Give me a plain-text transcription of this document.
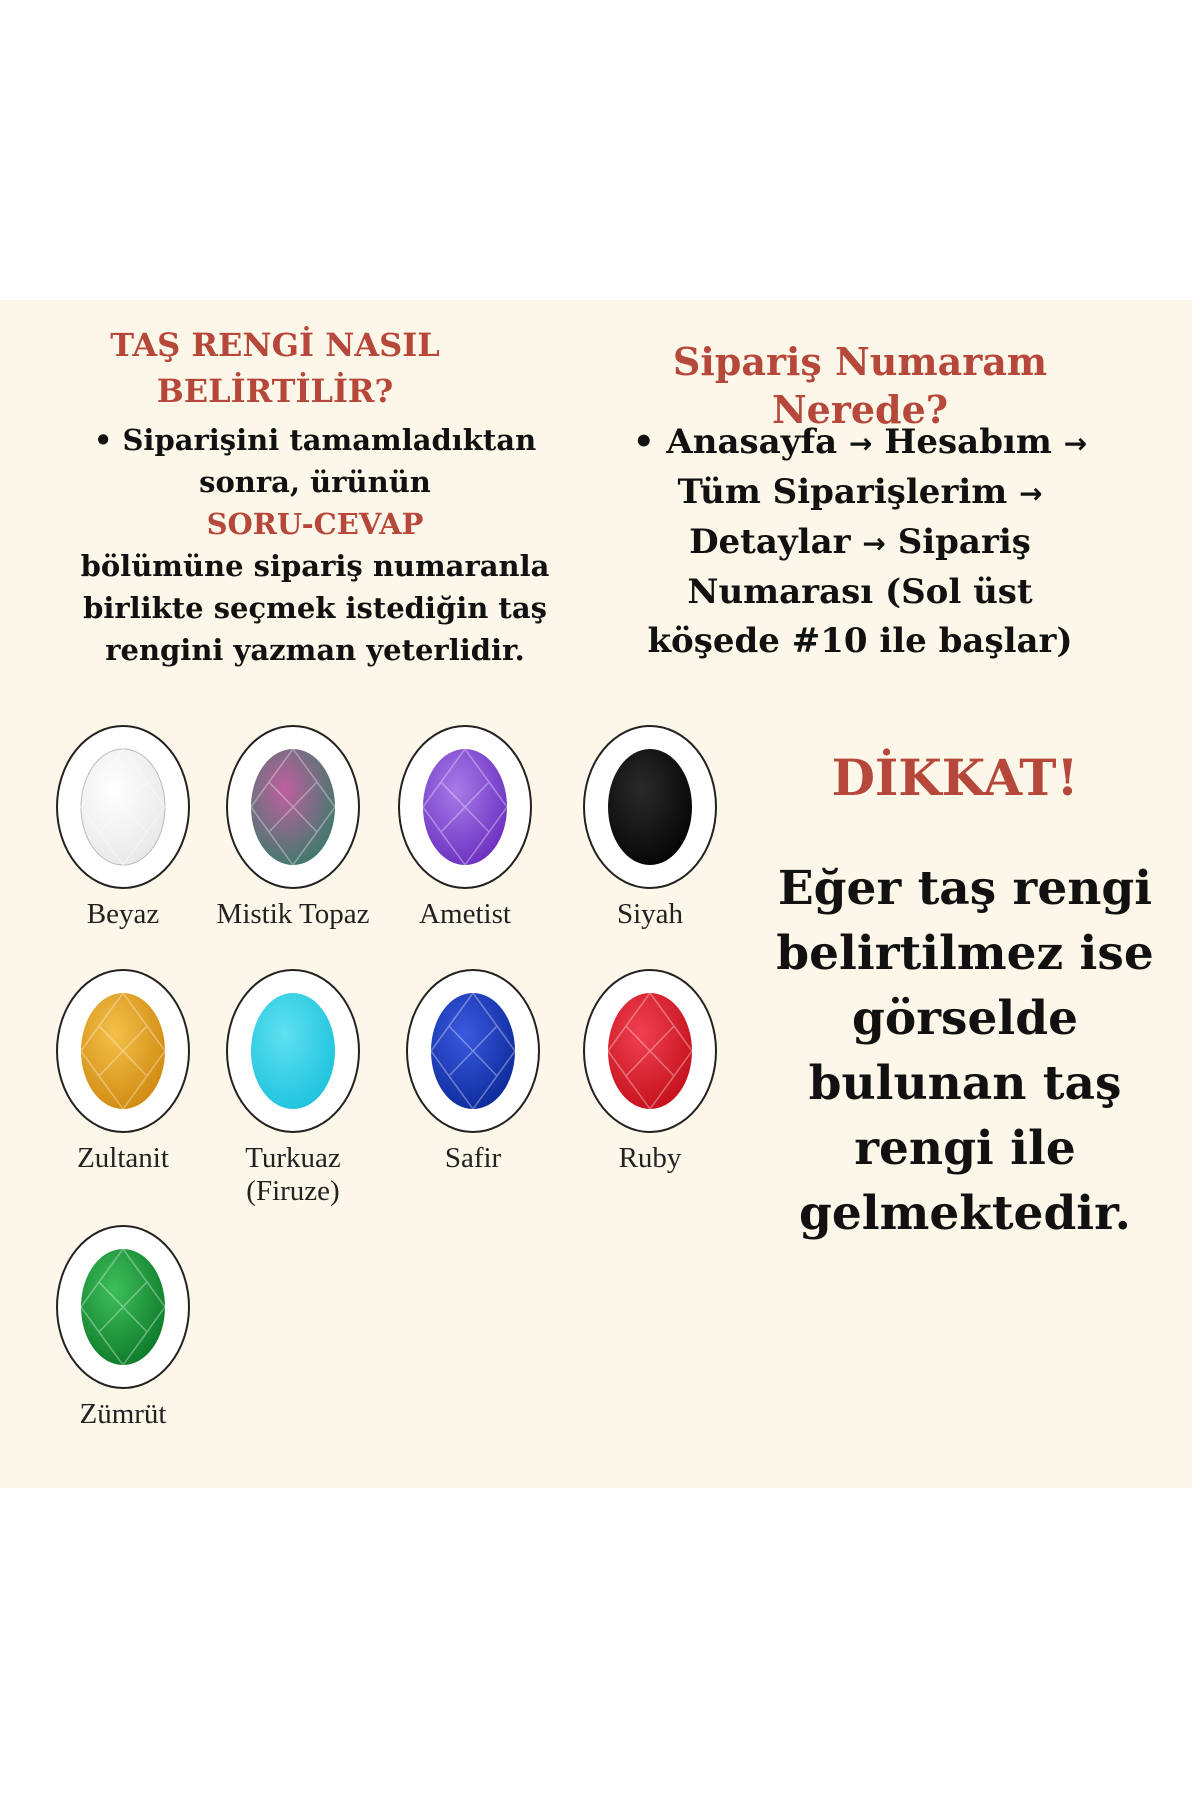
TAŞ RENGİ NASIL
BELİRTİLİR?
• Siparişini tamamladıktan
sonra, ürünün
SORU-CEVAP
bölümüne sipariş numaranla
birlikte seçmek istediğin taş
rengini yazman yeterlidir.
Sipariş Numaram Nerede?
• Anasayfa → Hesabım →
Tüm Siparişlerim →
Detaylar → Sipariş
Numarası (Sol üst
köşede #10 ile başlar)
DİKKAT!
Eğer taş rengi
belirtilmez ise
görselde
bulunan taş
rengi ile
gelmektedir.
Beyaz	Mistik Topaz	Ametist	Siyah
Zultanit	Turkuaz
(Firuze)
Safir	Ruby
Zümrüt
